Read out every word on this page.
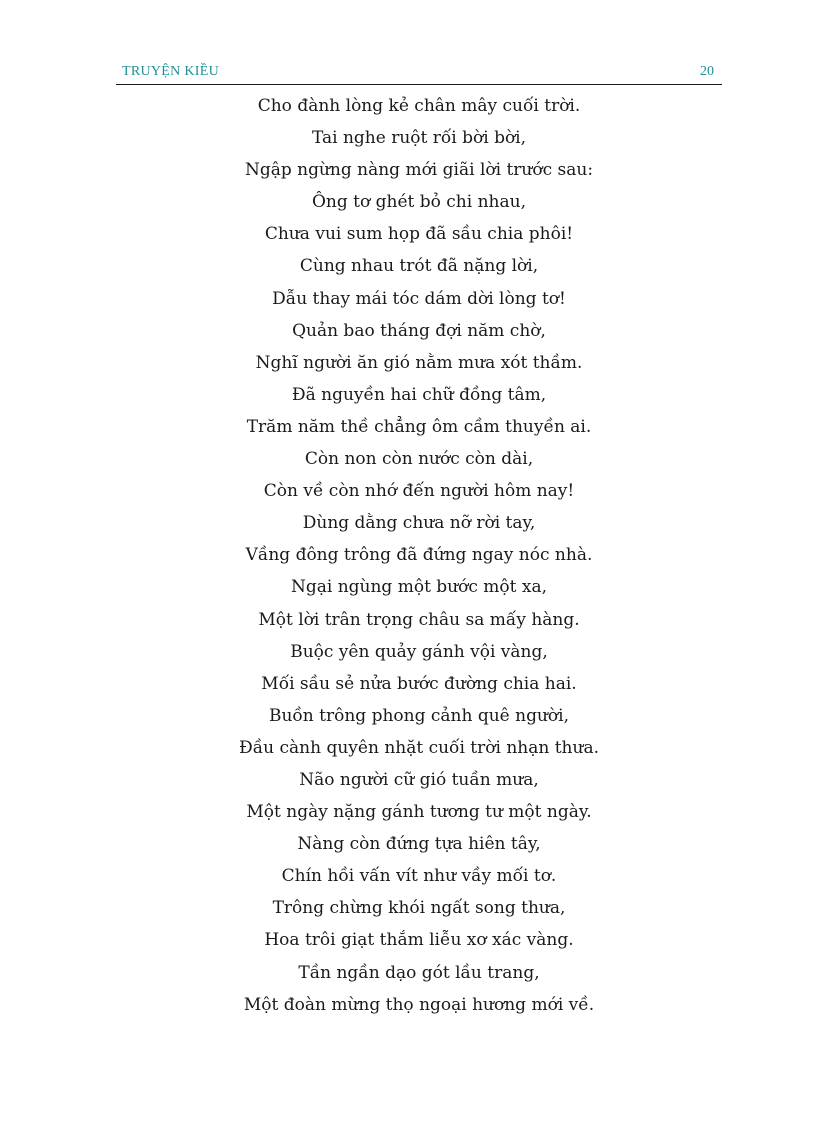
TRUYỆN KIỀU	20
Cho đành lòng kẻ chân mây cuối trời.
Tai nghe ruột rối bời bời,
Ngập ngừng nàng mới giãi lời trước sau:
Ông tơ ghét bỏ chi nhau,
Chưa vui sum họp đã sầu chia phôi!
Cùng nhau trót đã nặng lời,
Dẫu thay mái tóc dám dời lòng tơ!
Quản bao tháng đợi năm chờ,
Nghĩ người ăn gió nằm mưa xót thầm.
Đã nguyền hai chữ đồng tâm,
Trăm năm thề chẳng ôm cầm thuyền ai.
Còn non còn nước còn dài,
Còn về còn nhớ đến người hôm nay!
Dùng dằng chưa nỡ rời tay,
Vầng đông trông đã đứng ngay nóc nhà.
Ngại ngùng một bước một xa,
Một lời trân trọng châu sa mấy hàng.
Buộc yên quảy gánh vội vàng,
Mối sầu sẻ nửa bước đường chia hai.
Buồn trông phong cảnh quê người,
Đầu cành quyên nhặt cuối trời nhạn thưa.
Não người cữ gió tuần mưa,
Một ngày nặng gánh tương tư một ngày.
Nàng còn đứng tựa hiên tây,
Chín hồi vấn vít như vầy mối tơ.
Trông chừng khói ngất song thưa,
Hoa trôi giạt thắm liễu xơ xác vàng.
Tần ngần dạo gót lầu trang,
Một đoàn mừng thọ ngoại hương mới về.
